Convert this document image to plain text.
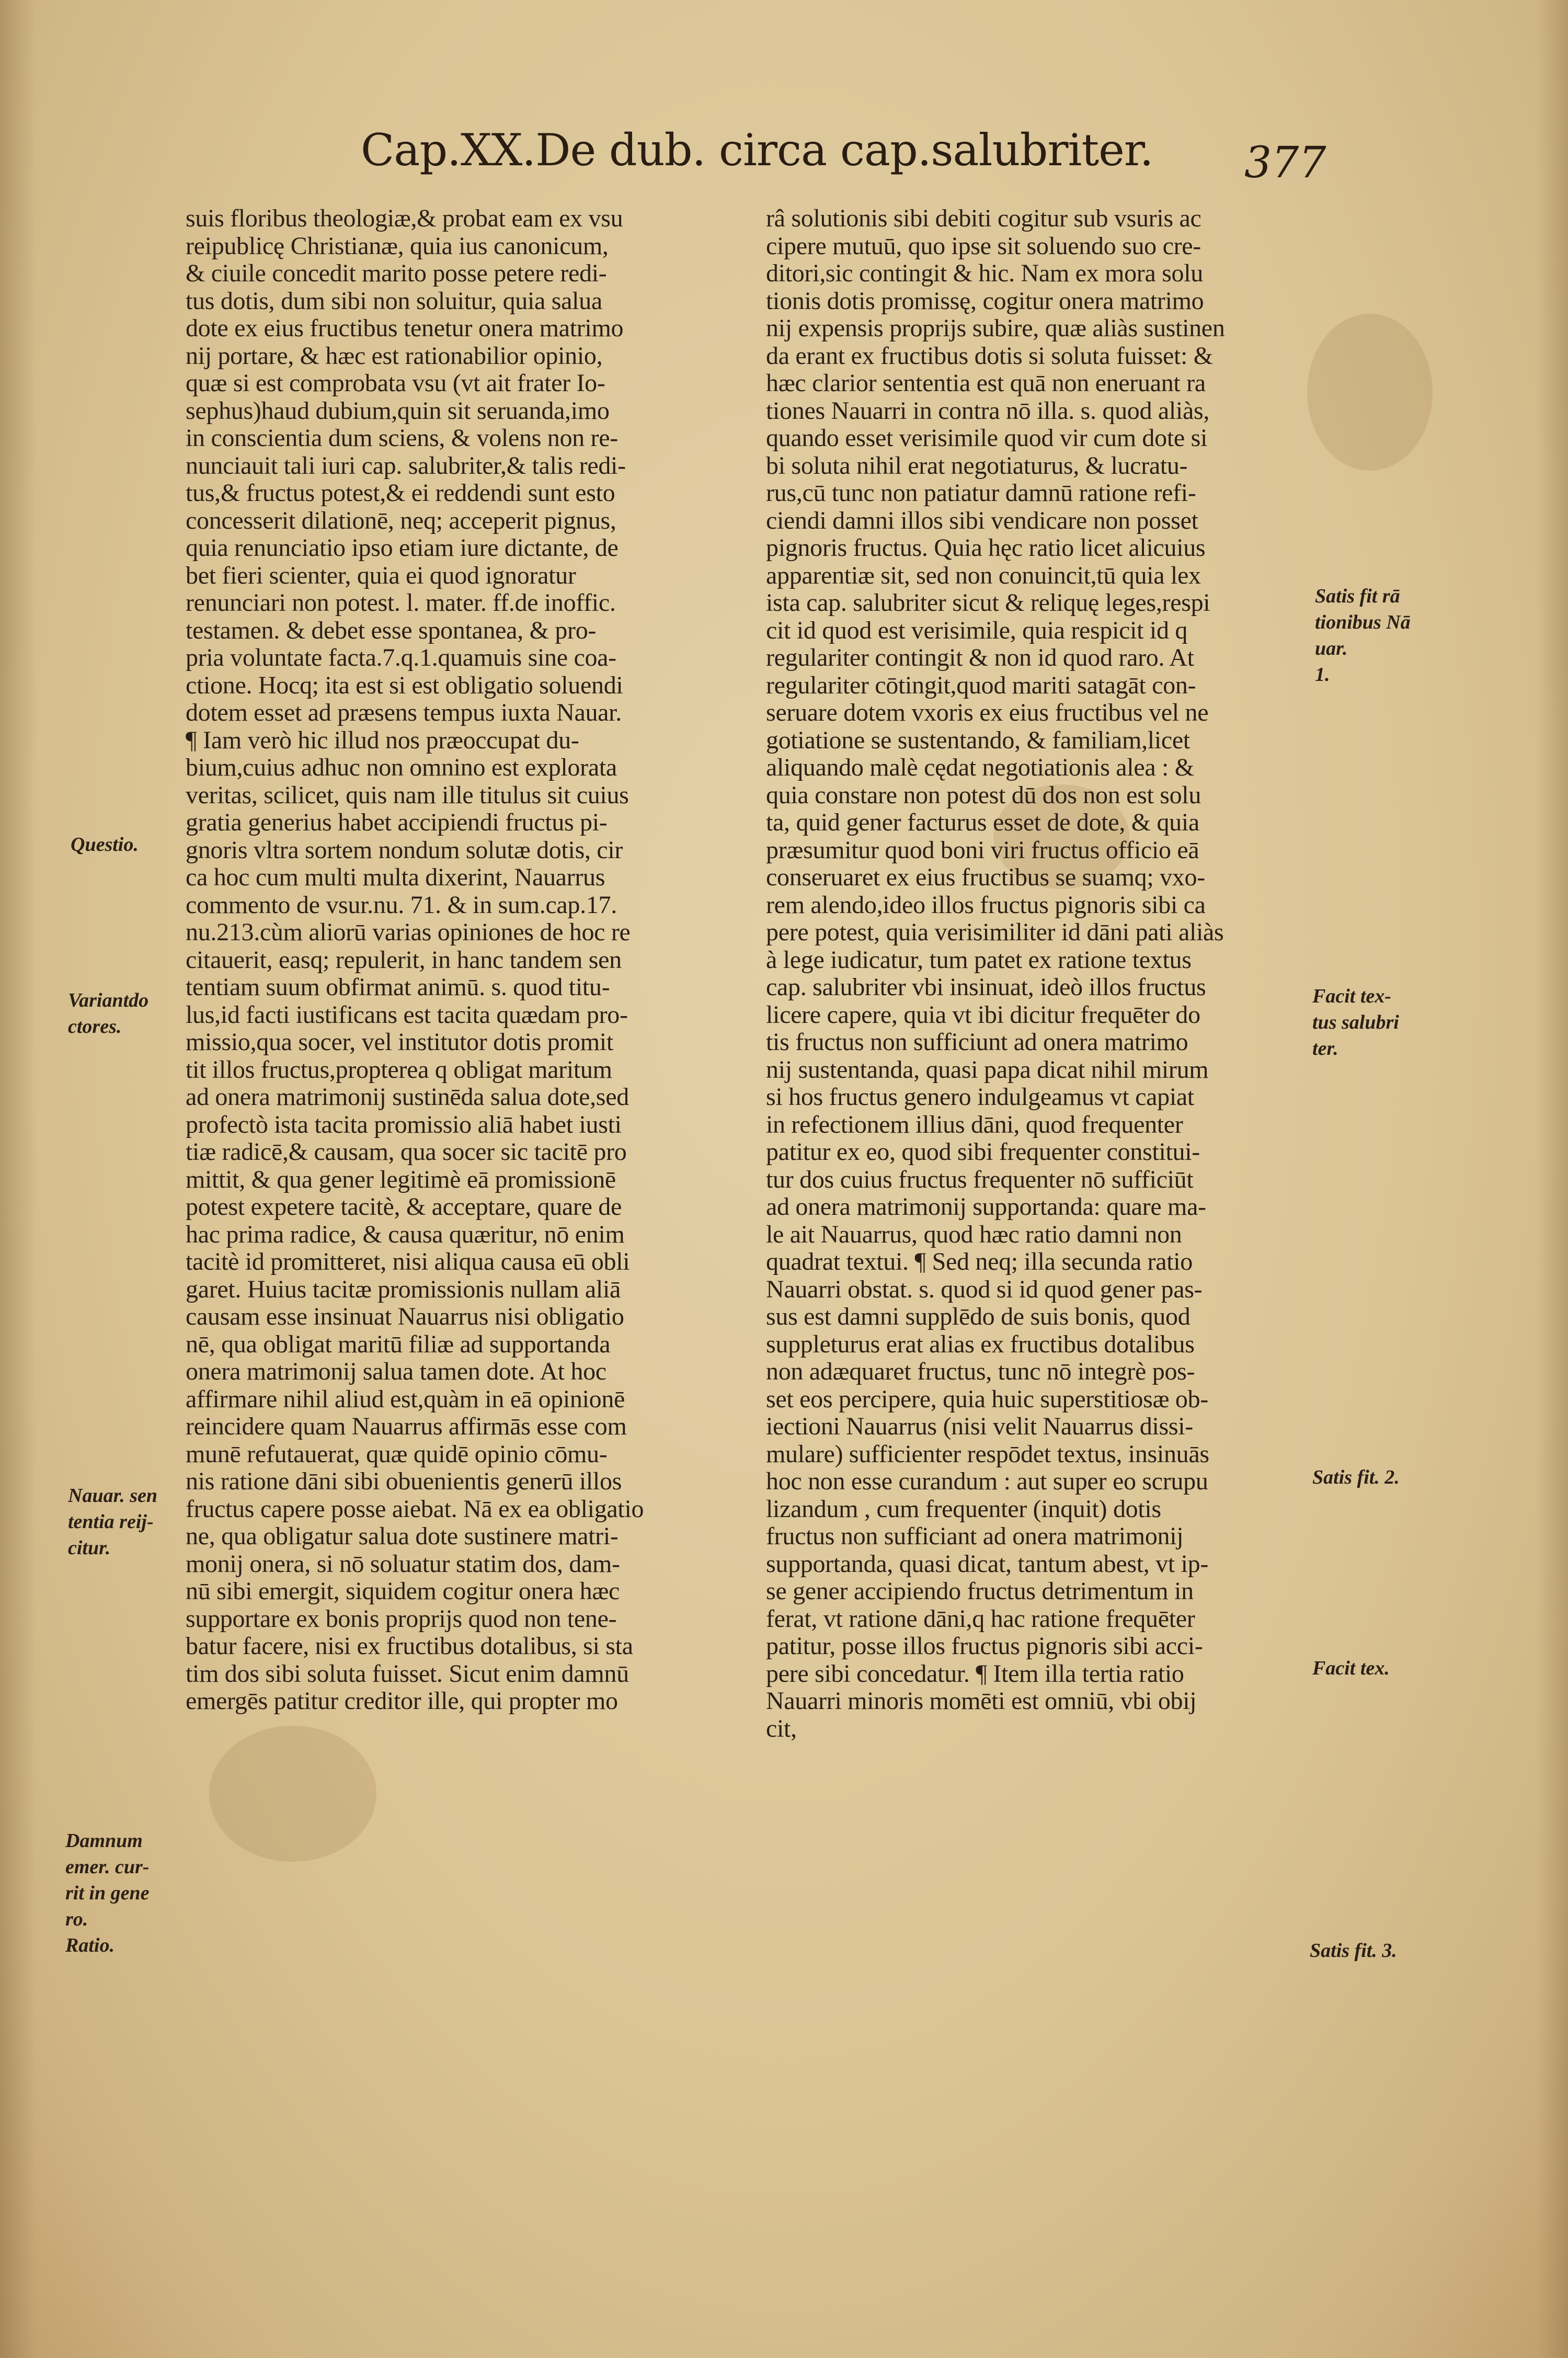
Cap.XX.De dub. circa cap.salubriter. 377
suis floribus theologiæ,& probat eam ex vsu
reipublicę Christianæ, quia ius canonicum,
& ciuile concedit marito posse petere redi-
tus dotis, dum sibi non soluitur, quia salua
dote ex eius fructibus tenetur onera matrimo
nij portare, & hæc est rationabilior opinio,
quæ si est comprobata vsu (vt ait frater Io-
sephus)haud dubium,quin sit seruanda,imo
in conscientia dum sciens, & volens non re-
nunciauit tali iuri cap. salubriter,& talis redi-
tus,& fructus potest,& ei reddendi sunt esto
concesserit dilationē, neq; acceperit pignus,
quia renunciatio ipso etiam iure dictante, de
bet fieri scienter, quia ei quod ignoratur
renunciari non potest. l. mater. ff.de inoffic.
testamen. & debet esse spontanea, & pro-
pria voluntate facta.7.q.1.quamuis sine coa-
ctione. Hocq; ita est si est obligatio soluendi
dotem esset ad præsens tempus iuxta Nauar.
¶ Iam verò hic illud nos præoccupat du-
bium,cuius adhuc non omnino est explorata
veritas, scilicet, quis nam ille titulus sit cuius
gratia generius habet accipiendi fructus pi-
gnoris vltra sortem nondum solutæ dotis, cir
ca hoc cum multi multa dixerint, Nauarrus
commento de vsur.nu. 71. & in sum.cap.17.
nu.213.cùm aliorū varias opiniones de hoc re
citauerit, easq; repulerit, in hanc tandem sen
tentiam suum obfirmat animū. s. quod titu-
lus,id facti iustificans est tacita quædam pro-
missio,qua socer, vel institutor dotis promit
tit illos fructus,propterea q obligat maritum
ad onera matrimonij sustinēda salua dote,sed
profectò ista tacita promissio aliā habet iusti
tiæ radicē,& causam, qua socer sic tacitē pro
mittit, & qua gener legitimè eā promissionē
potest expetere tacitè, & acceptare, quare de
hac prima radice, & causa quæritur, nō enim
tacitè id promitteret, nisi aliqua causa eū obli
garet. Huius tacitæ promissionis nullam aliā
causam esse insinuat Nauarrus nisi obligatio
nē, qua obligat maritū filiæ ad supportanda
onera matrimonij salua tamen dote. At hoc
affirmare nihil aliud est,quàm in eā opinionē
reincidere quam Nauarrus affirmās esse com
munē refutauerat, quæ quidē opinio cōmu-
nis ratione dāni sibi obuenientis generū illos
fructus capere posse aiebat. Nā ex ea obligatio
ne, qua obligatur salua dote sustinere matri-
monij onera, si nō soluatur statim dos, dam-
nū sibi emergit, siquidem cogitur onera hæc
supportare ex bonis proprijs quod non tene-
batur facere, nisi ex fructibus dotalibus, si sta
tim dos sibi soluta fuisset. Sicut enim damnū
emergēs patitur creditor ille, qui propter mo
râ solutionis sibi debiti cogitur sub vsuris ac
cipere mutuū, quo ipse sit soluendo suo cre-
ditori,sic contingit & hic. Nam ex mora solu
tionis dotis promissę, cogitur onera matrimo
nij expensis proprijs subire, quæ aliàs sustinen
da erant ex fructibus dotis si soluta fuisset: &
hæc clarior sententia est quā non eneruant ra
tiones Nauarri in contra nō illa. s. quod aliàs,
quando esset verisimile quod vir cum dote si
bi soluta nihil erat negotiaturus, & lucratu-
rus,cū tunc non patiatur damnū ratione refi-
ciendi damni illos sibi vendicare non posset
pignoris fructus. Quia hęc ratio licet alicuius
apparentiæ sit, sed non conuincit,tū quia lex
ista cap. salubriter sicut & reliquę leges,respi
cit id quod est verisimile, quia respicit id q
regulariter contingit & non id quod raro. At
regulariter cōtingit,quod mariti satagāt con-
seruare dotem vxoris ex eius fructibus vel ne
gotiatione se sustentando, & familiam,licet
aliquando malè cędat negotiationis alea : &
quia constare non potest dū dos non est solu
ta, quid gener facturus esset de dote, & quia
præsumitur quod boni viri fructus officio eā
conseruaret ex eius fructibus se suamq; vxo-
rem alendo,ideo illos fructus pignoris sibi ca
pere potest, quia verisimiliter id dāni pati aliàs
à lege iudicatur, tum patet ex ratione textus
cap. salubriter vbi insinuat, ideò illos fructus
licere capere, quia vt ibi dicitur frequēter do
tis fructus non sufficiunt ad onera matrimo
nij sustentanda, quasi papa dicat nihil mirum
si hos fructus genero indulgeamus vt capiat
in refectionem illius dāni, quod frequenter
patitur ex eo, quod sibi frequenter constitui-
tur dos cuius fructus frequenter nō sufficiūt
ad onera matrimonij supportanda: quare ma-
le ait Nauarrus, quod hæc ratio damni non
quadrat textui. ¶ Sed neq; illa secunda ratio
Nauarri obstat. s. quod si id quod gener pas-
sus est damni supplēdo de suis bonis, quod
suppleturus erat alias ex fructibus dotalibus
non adæquaret fructus, tunc nō integrè pos-
set eos percipere, quia huic superstitiosæ ob-
iectioni Nauarrus (nisi velit Nauarrus dissi-
mulare) sufficienter respōdet textus, insinuās
hoc non esse curandum : aut super eo scrupu
lizandum , cum frequenter (inquit) dotis
fructus non sufficiant ad onera matrimonij
supportanda, quasi dicat, tantum abest, vt ip-
se gener accipiendo fructus detrimentum in
ferat, vt ratione dāni,q hac ratione frequēter
patitur, posse illos fructus pignoris sibi acci-
pere sibi concedatur. ¶ Item illa tertia ratio
Nauarri minoris momēti est omniū, vbi obij
cit,
Questio.
Variantdo
ctores.
Nauar. sen
tentia reij-
citur.
Damnum
emer. cur-
rit in gene
ro.
Ratio.
Satis fit rā
tionibus Nā
uar.
1.
Facit tex-
tus salubri
ter.
Satis fit. 2.
Facit tex.
Satis fit. 3.
